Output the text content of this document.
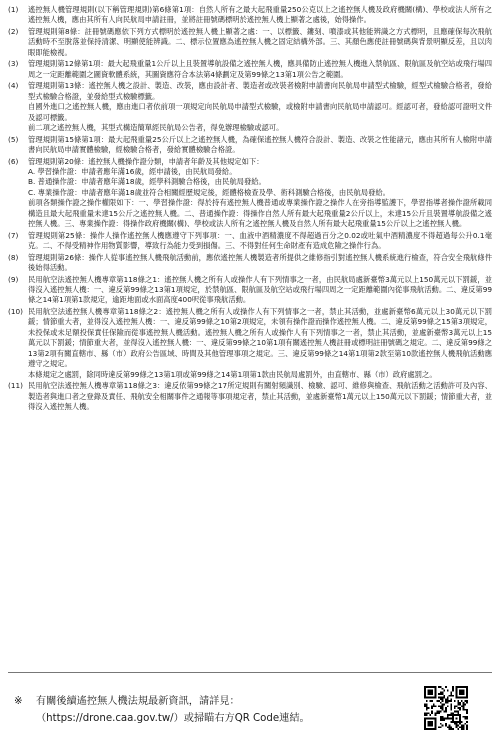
(1)	遙控無人機管理規則(以下稱管理規則)第6條第1項：自然人所有之最大起飛重量250公克以上之遙控無人機及政府機關(構)、學校或法人所有之遙控無人機，應由其所有人向民航局申請註冊，並將註冊號碼標明於遙控無人機上顯著之處後，始得操作。

(2)	管理規則第8條：註冊號碼應依下列方式標明於遙控無人機上顯著之處：一、以標籤、鏤刻、噴漆或其他能辨識之方式標明，且應確保每次飛航活動時不至脫落並保持清潔、明顯使能辨識。二、標示位置應為遙控無人機之固定結構外部。三、其顏色應使註冊號碼與背景明顯反差，且以肉眼即能檢視。

(3)	管理規則第12條第1項：最大起飛重量1公斤以上且裝置導航設備之遙控無人機，應具備防止遙控無人機進入禁航區、限航區及航空站或飛行場四周之一定距離範圍之圖資軟體系統，其圖資應符合本法第4條劃定及第99條之13第1項公告之範圍。

(4)	管理規則第13條：遙控無人機之設計、製造、改裝，應由設計者、製造者或改裝者檢附申請書向民航局申請型式檢驗，經型式檢驗合格者，發給型式檢驗合格證，並發給型式檢驗標籤。

自國外進口之遙控無人機，應由進口者依前項一項規定向民航局申請型式檢驗，或檢附申請書向民航局申請認可。經認可者，發給認可證明文件及認可標籤。

前二項之遙控無人機，其型式構造簡單經民航局公告者，得免辦理檢驗或認可。

(5)	管理規則第15條第1項：最大起飛重量25公斤以上之遙控無人機，為確保遙控無人機符合設計、製造、改裝之性能諸元，應由其所有人檢附申請書向民航局申請實體檢驗，經檢驗合格者，發給實體檢驗合格證。

(6)	管理規則第20條：遙控無人機操作證分類，申請者年齡及其他規定如下：

A. 學習操作證：申請者應年滿16歲，經申請後，由民航局發給。

B. 普通操作證：申請者應年滿18歲，經學科測驗合格後，由民航局發給。

C. 專業操作證：申請者應年滿18歲並符合相關經歷規定後，經體格檢查及學、術科測驗合格後，由民航局發給。

前項各類操作證之操作權限如下：一、學習操作證：得於持有遙控無人機普通或專業操作證之操作人在旁指導監護下，學習指導者操作證所載同構造且最大起飛重量未達15公斤之遙控無人機。二、普通操作證：得操作自然人所有最大起飛重量2公斤以上，未達15公斤且裝置導航設備之遙控無人機。三、專業操作證：得操作政府機關(構)、學校或法人所有之遙控無人機及自然人所有最大起飛重量15公斤以上之遙控無人機。

(7)	管理規則第25條：操作人操作遙控無人機應遵守下列事項：一、血液中酒精濃度不得超過百分之0.02或吐氣中酒精濃度不得超過每公升0.1毫克。二、不得受精神作用物質影響，導致行為能力受到損傷。三、不得對任何生命財產有造成危險之操作行為。

(8)	管理規則第26條：操作人從事遙控無人機飛航活動前，應依遙控無人機製造者所提供之維修指引對遙控無人機系統進行檢查，符合安全飛航條件後始得活動。

(9)	民用航空法遙控無人機專章第118條之1：遙控無人機之所有人或操作人有下列情事之一者，由民航局處新臺幣3萬元以上150萬元以下罰鍰，並得沒入遙控無人機：一、違反第99條之13第1項規定，於禁航區、限航區及航空站或飛行場四周之一定距離範圍內從事飛航活動。二、違反第99條之14第1項第1款規定，逾距地面或水面高度400呎從事飛航活動。

(10) 民用航空法遙控無人機專章第118條之2：遙控無人機之所有人或操作人有下列情事之一者，禁止其活動，並處新臺幣6萬元以上30萬元以下罰鍰；情節重大者，並得沒入遙控無人機：一、違反第99條之10第2項規定，未領有操作證而操作遙控無人機。二、違反第99條之15第3項規定，未投保或未足額投保責任保險而從事遙控無人機活動。遙控無人機之所有人或操作人有下列情事之一者，禁止其活動，並處新臺幣3萬元以上15萬元以下罰鍰；情節重大者，並得沒入遙控無人機：一、違反第99條之10第1項有關遙控無人機註冊或標明註冊號碼之規定。二、違反第99條之13第2項有關直轄市、縣（市）政府公告區域、時間及其他管理事項之規定。三、違反第99條之14第1項第2款至第10款遙控無人機飛航活動應遵守之規定。

本條規定之處罰，除同時違反第99條之13第1項或第99條之14第1項第1款由民航局處罰外，由直轄市、縣（市）政府處罰之。

(11) 民用航空法遙控無人機專章第118條之3：違反依第99條之17所定規則有關射頻識別、檢驗、認可、維修與檢查、飛航活動之活動許可及內容、製造者與進口者之登錄及責任、飛航安全相關事件之通報等事項規定者，禁止其活動，並處新臺幣1萬元以上150萬元以下罰鍰；情節重大者，並得沒入遙控無人機。

※	有關後續遙控無人機法規最新資訊，請詳見：
（https://drone.caa.gov.tw/）或掃瞄右方QR Code連結。
